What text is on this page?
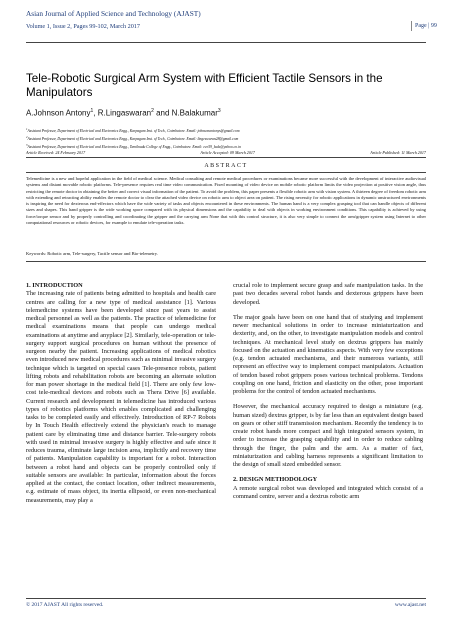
Asian Journal of Applied Science and Technology (AJAST)
Volume 1, Issue 2, Pages 99-102, March 2017	Page | 99
Tele-Robotic Surgical Arm System with Efficient Tactile Sensors in the Manipulators
A.Johnson Antony$^1$, R.Lingaswaran$^2$ and N.Balakumar$^3$
$^1$Assistant Professor, Department of Electrical and Electronics Engg., Karpagam Inst. of Tech., Coimbatore. Email: johnsonantonys@gmail.com
$^2$Assistant Professor, Department of Electrical and Electronics Engg., Karpagam Inst. of Tech., Coimbatore. Email: lingeswaran28@gmail.com
$^3$Assistant Professor, Department of Electrical and Electronics Engg., Tamilnadu College of Engg., Coimbatore. Email: eee59_bala@yahoo.co.in
Article Received: 24 February 2017	Article Accepted: 09 March 2017	Article Published: 11 March 2017
ABSTRACT
Telemedicine is a new and hopeful application in the field of medical science. Medical consulting and remote medical procedures or examinations became more successful with the development of interactive audiovisual systems and distant movable robotic platforms. Tele-presence requires real time video communication. Fixed mounting of video device on mobile robotic platform limits the video projection at positive vision angle, thus restricting the remote doctor in obtaining the better and correct visual information of the patient. To avoid the problem, this paper presents a flexible robotic arm with vision system. A thirteen degree of freedom robotic arm with extending and retracting ability enables the remote doctor to clear the attached video device on robotic arm to object area on patient. The rising necessity for robotic applications in dynamic unstructured environments is inspiring the need for dexterous end-effectors which have the wide variety of tasks and objects encountered in these environments. The human hand is a very complex grasping tool that can handle objects of different sizes and shapes. This hand gripper is the wide working space compared with its physical dimensions and the capability to deal with objects in working environment conditions. This capability is achieved by using force/torque sensor and by properly controlling and coordinating the gripper and the carrying arm None that with this control structure, it is also very simple to connect the arm/gripper system using Internet to other computational resources or robotic devices, for example to emulate tele-operation tasks.
Keywords: Robotic arm, Tele-surgery, Tactile sensor and Bio-telemetry.

1. INTRODUCTION

The increasing rate of patients being admitted to hospitals and health care centres are calling for a new type of medical assistance [1]. Various telemedicine systems have been developed since past years to assist medical personnel as well as the patients. The practice of telemedicine for medical examinations means that people can undergo medical examinations at anytime and anyplace [2]. Similarly, tele-operation or tele-surgery support surgical procedures on human without the presence of surgeon nearby the patient. Increasing applications of medical robotics even introduced new medical procedures such as minimal invasive surgery technique which is targeted on special cases Tele-presence robots, patient lifting robots and rehabilitation robots are becoming an alternate solution for man power shortage in the medical field [1]. There are only few low-cost tele-medical devices and robots such as Thera Drive [6] available. Current research and development in telemedicine has introduced various types of robotics platforms which enables complicated and challenging tasks to be completed easily and effectively. Introduction of RP-7 Robots by In Touch Health effectively extend the physician's reach to manage patient care by eliminating time and distance barrier. Tele-surgery robots with used in minimal invasive surgery is highly effective and safe since it reduces trauma, eliminate large incision area, implicitly and recovery time of patients. Manipulation capability is important for a robot. Interaction between a robot hand and objects can be properly controlled only if suitable sensors are available: In particular, information about the forces applied at the contact, the contact location, other indirect measurements, e.g. estimate of mass object, its inertia ellipsoid, or even non-mechanical measurements, may play a

crucial role to implement secure grasp and safe manipulation tasks. In the past two decades several robot hands and dexterous grippers have been developed.

The major goals have been on one hand that of studying and implement newer mechanical solutions in order to increase miniaturization and dexterity, and, on the other, to investigate manipulation models and control techniques. At mechanical level study on dextrus grippers has mainly focused on the actuation and kinematics aspects. With very few exceptions (e.g. tendon actuated mechanisms, and their numerous variants, still represent an effective way to implement compact manipulators. Actuation of tendon based robot grippers poses various technical problems. Tendons coupling on one hand, friction and elasticity on the other, pose important problems for the control of tendon actuated mechanisms.

However, the mechanical accuracy required to design a miniature (e.g. human sized) dextrus gripper, is by far less than an equivalent design based on gears or other stiff transmission mechanism. Recently the tendency is to create robot hands more compact and high integrated sensors system, in order to increase the grasping capability and in order to reduce cabling through the finger, the palm and the arm. As a matter of fact, miniaturization and cabling harness represents a significant limitation to the design of small sized embedded sensor.

2. DESIGN METHODOLOGY

A remote surgical robot was developed and integrated which consist of a command centre, server and a dextrus robotic arm

© 2017 AJAST All rights reserved.	www.ajast.net
